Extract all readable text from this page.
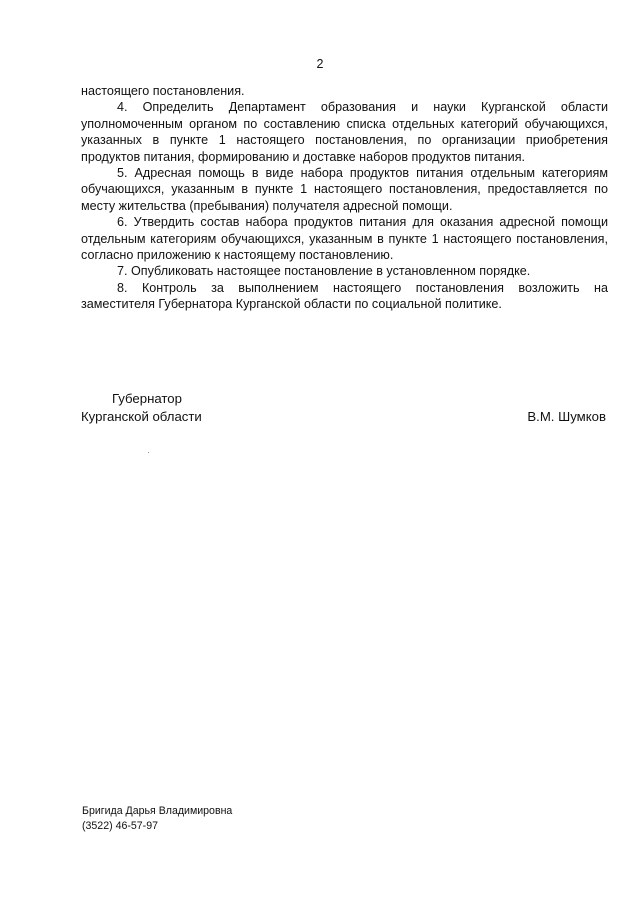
2

настоящего постановления.

4. Определить Департамент образования и науки Курганской области уполномоченным органом по составлению списка отдельных категорий обучающихся, указанных в пункте 1 настоящего постановления, по организации приобретения продуктов питания, формированию и доставке наборов продуктов питания.

5. Адресная помощь в виде набора продуктов питания отдельным категориям обучающихся, указанным в пункте 1 настоящего постановления, предоставляется по месту жительства (пребывания) получателя адресной помощи.

6. Утвердить состав набора продуктов питания для оказания адресной помощи отдельным категориям обучающихся, указанным в пункте 1 настоящего постановления, согласно приложению к настоящему постановлению.

7. Опубликовать настоящее постановление в установленном порядке.

8. Контроль за выполнением настоящего постановления возложить на заместителя Губернатора Курганской области по социальной политике.

Губернатор
Курганской области	В.М. Шумков
Бригида Дарья Владимировна
(3522) 46-57-97
